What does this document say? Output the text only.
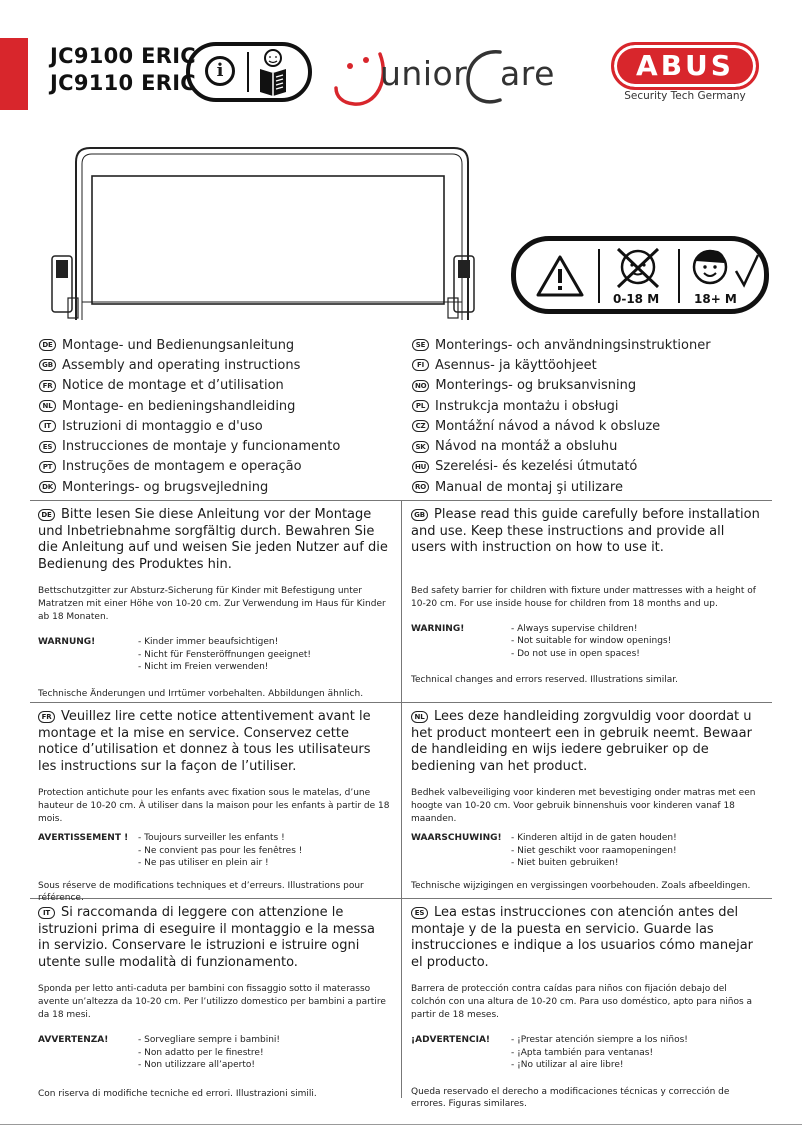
JC9100 ERIC
JC9110 ERIC
i	unior are	ABUS
Security Tech Germany
0-18 M	18+ M
DE Montage- und Bedienungsanleitung
GB Assembly and operating instructions
FR Notice de montage et d’utilisation
NL Montage- en bedieningshandleiding
IT Istruzioni di montaggio e d'uso
ES Instrucciones de montaje y funcionamento
PT Instruções de montagem e operação
DK Monterings- og brugsvejledning
SE Monterings- och användningsinstruktioner
FI Asennus- ja käyttöohjeet
NO Monterings- og bruksanvisning
PL Instrukcja montażu i obsługi
CZ Montážní návod a návod k obsluze
SK Návod na montáž a obsluhu
HU Szerelési- és kezelési útmutató
RO Manual de montaj şi utilizare
DE Bitte lesen Sie diese Anleitung vor der Montage und Inbetriebnahme sorgfältig durch. Bewahren Sie die Anleitung auf und weisen Sie jeden Nutzer auf die Bedienung des Produktes hin.
Bettschutzgitter zur Absturz-Sicherung für Kinder mit Befestigung unter Matratzen mit einer Höhe von 10-20 cm. Zur Verwendung im Haus für Kinder ab 18 Monaten.
WARNUNG!	- Kinder immer beaufsichtigen!
- Nicht für Fensteröffnungen geeignet!
- Nicht im Freien verwenden!
Technische Änderungen und Irrtümer vorbehalten. Abbildungen ähnlich.
GB Please read this guide carefully before installation and use. Keep these instructions and provide all users with instruction on how to use it.
Bed safety barrier for children with fixture under mattresses with a height of 10-20 cm. For use inside house for children from 18 months and up.
WARNING!	- Always supervise children!
- Not suitable for window openings!
- Do not use in open spaces!
Technical changes and errors reserved. Illustrations similar.
FR Veuillez lire cette notice attentivement avant le montage et la mise en service. Conservez cette notice d’utilisation et donnez à tous les utilisateurs les instructions sur la façon de l’utiliser.
Protection antichute pour les enfants avec fixation sous le matelas, d’une hauteur de 10-20 cm. À utiliser dans la maison pour les enfants à partir de 18 mois.
AVERTISSEMENT !	- Toujours surveiller les enfants !
- Ne convient pas pour les fenêtres !
- Ne pas utiliser en plein air !
Sous réserve de modifications techniques et d’erreurs. Illustrations pour référence.
NL Lees deze handleiding zorgvuldig voor doordat u het product monteert een in gebruik neemt. Bewaar de handleiding en wijs iedere gebruiker op de bediening van het product.
Bedhek valbeveiliging voor kinderen met bevestiging onder matras met een hoogte van 10-20 cm. Voor gebruik binnenshuis voor kinderen vanaf 18 maanden.
WAARSCHUWING!	- Kinderen altijd in de gaten houden!
- Niet geschikt voor raamopeningen!
- Niet buiten gebruiken!
Technische wijzigingen en vergissingen voorbehouden. Zoals afbeeldingen.
IT Si raccomanda di leggere con attenzione le istruzioni prima di eseguire il montaggio e la messa in servizio. Conservare le istruzioni e istruire ogni utente sulle modalità di funzionamento.
Sponda per letto anti-caduta per bambini con fissaggio sotto il materasso avente un’altezza da 10-20 cm. Per l’utilizzo domestico per bambini a partire da 18 mesi.
AVVERTENZA!	- Sorvegliare sempre i bambini!
- Non adatto per le finestre!
- Non utilizzare all’aperto!
Con riserva di modifiche tecniche ed errori. Illustrazioni simili.
ES Lea estas instrucciones con atención antes del montaje y de la puesta en servicio. Guarde las instrucciones e indique a los usuarios cómo manejar el producto.
Barrera de protección contra caídas para niños con fijación debajo del colchón con una altura de 10-20 cm. Para uso doméstico, apto para niños a partir de 18 meses.
¡ADVERTENCIA!	- ¡Prestar atención siempre a los niños!
- ¡Apta también para ventanas!
- ¡No utilizar al aire libre!
Queda reservado el derecho a modificaciones técnicas y corrección de errores. Figuras similares.
